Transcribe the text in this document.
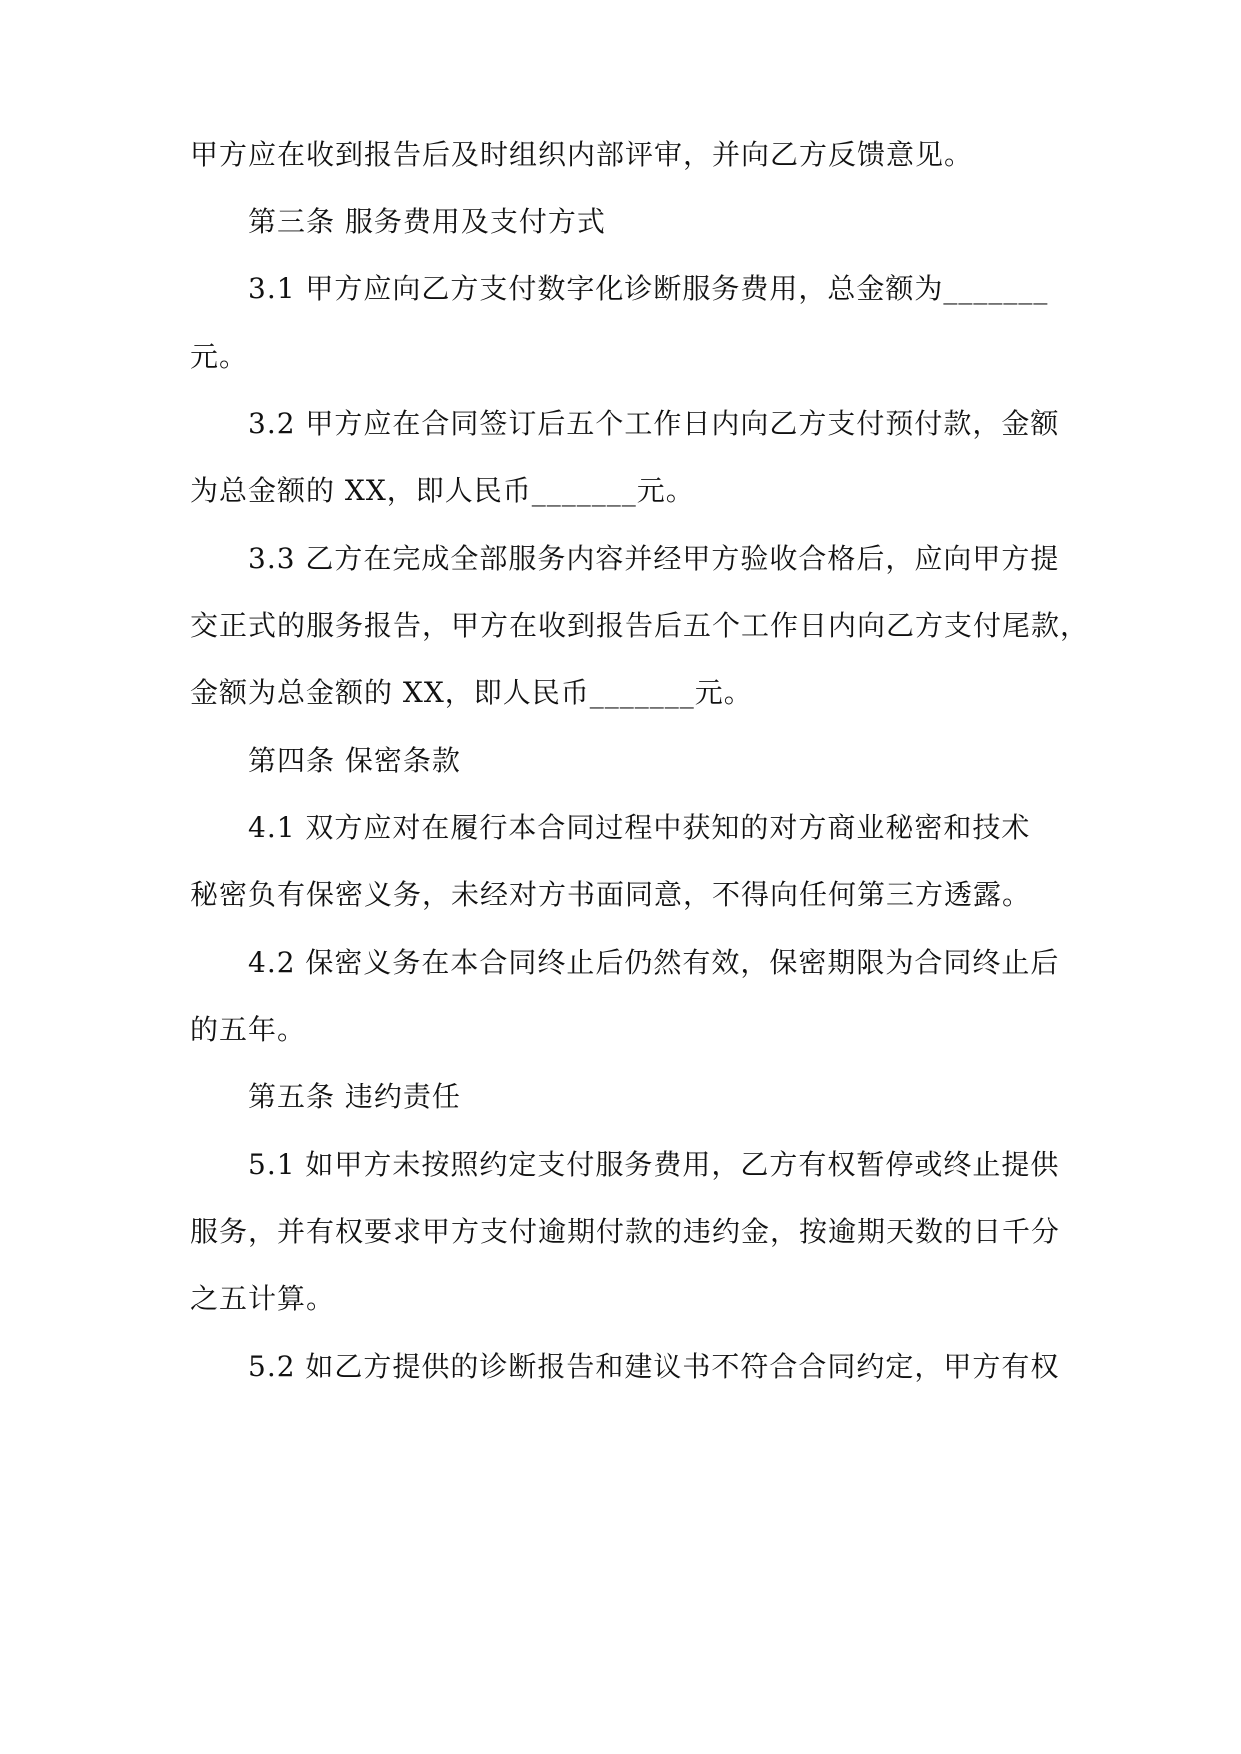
甲方应在收到报告后及时组织内部评审，并向乙方反馈意见。
第三条 服务费用及支付方式
3.1 甲方应向乙方支付数字化诊断服务费用，总金额为_______
元。
3.2 甲方应在合同签订后五个工作日内向乙方支付预付款，金额
为总金额的 XX，即人民币_______元。
3.3 乙方在完成全部服务内容并经甲方验收合格后，应向甲方提
交正式的服务报告，甲方在收到报告后五个工作日内向乙方支付尾款，
金额为总金额的 XX，即人民币_______元。
第四条 保密条款
4.1 双方应对在履行本合同过程中获知的对方商业秘密和技术
秘密负有保密义务，未经对方书面同意，不得向任何第三方透露。
4.2 保密义务在本合同终止后仍然有效，保密期限为合同终止后
的五年。
第五条 违约责任
5.1 如甲方未按照约定支付服务费用，乙方有权暂停或终止提供
服务，并有权要求甲方支付逾期付款的违约金，按逾期天数的日千分
之五计算。
5.2 如乙方提供的诊断报告和建议书不符合合同约定，甲方有权
